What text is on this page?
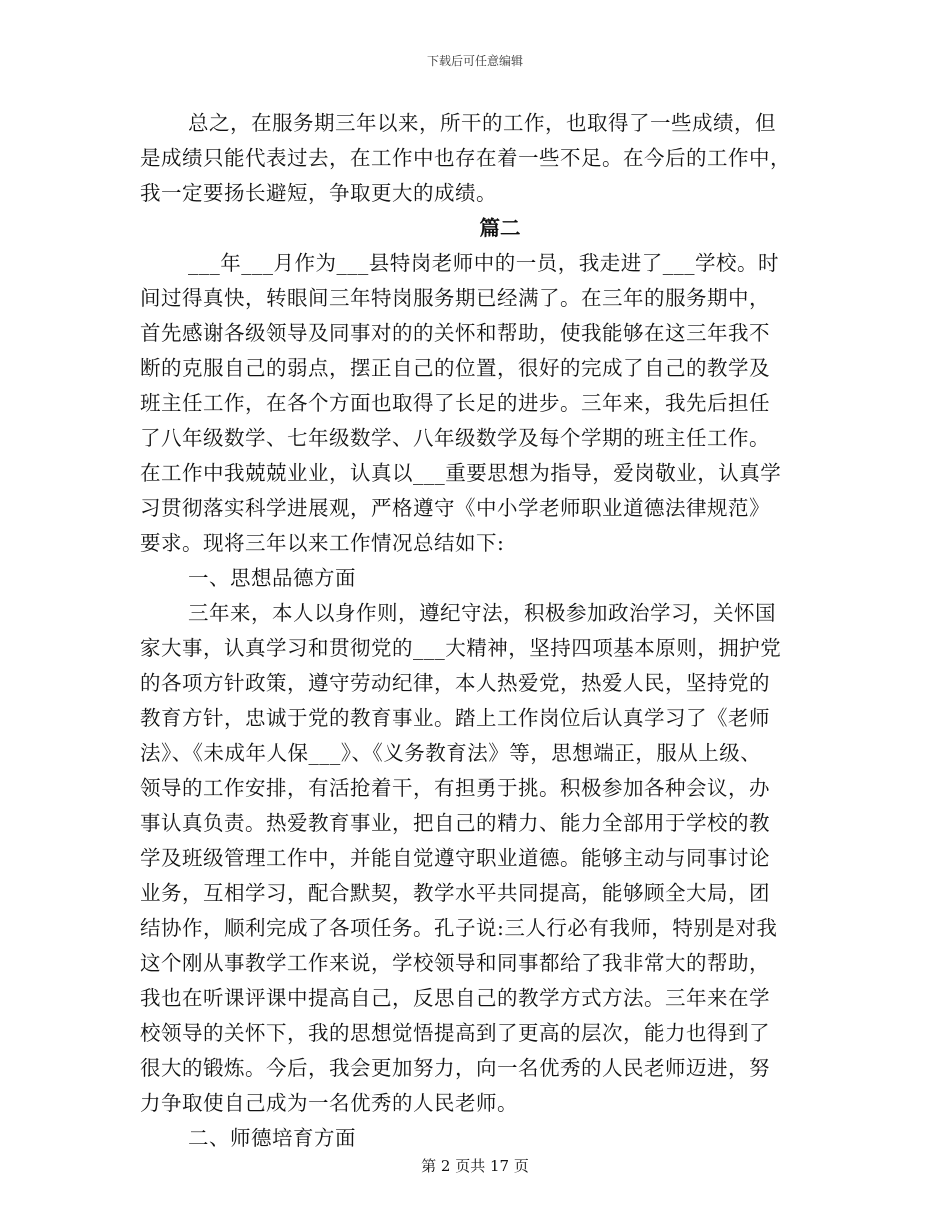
下载后可任意编辑
总之，在服务期三年以来，所干的工作，也取得了一些成绩，但
是成绩只能代表过去，在工作中也存在着一些不足。在今后的工作中，
我一定要扬长避短，争取更大的成绩。
篇二
___年___月作为___县特岗老师中的一员，我走进了___学校。时
间过得真快，转眼间三年特岗服务期已经满了。在三年的服务期中，
首先感谢各级领导及同事对的的关怀和帮助，使我能够在这三年我不
断的克服自己的弱点，摆正自己的位置，很好的完成了自己的教学及
班主任工作，在各个方面也取得了长足的进步。三年来，我先后担任
了八年级数学、七年级数学、八年级数学及每个学期的班主任工作。
在工作中我兢兢业业，认真以___重要思想为指导，爱岗敬业，认真学
习贯彻落实科学进展观，严格遵守《中小学老师职业道德法律规范》
要求。现将三年以来工作情况总结如下:
一、思想品德方面
三年来，本人以身作则，遵纪守法，积极参加政治学习，关怀国
家大事，认真学习和贯彻党的___大精神，坚持四项基本原则，拥护党
的各项方针政策，遵守劳动纪律，本人热爱党，热爱人民，坚持党的
教育方针，忠诚于党的教育事业。踏上工作岗位后认真学习了《老师
法》、《未成年人保___》、《义务教育法》等，思想端正，服从上级、
领导的工作安排，有活抢着干，有担勇于挑。积极参加各种会议，办
事认真负责。热爱教育事业，把自己的精力、能力全部用于学校的教
学及班级管理工作中，并能自觉遵守职业道德。能够主动与同事讨论
业务，互相学习，配合默契，教学水平共同提高，能够顾全大局，团
结协作，顺利完成了各项任务。孔子说:三人行必有我师，特别是对我
这个刚从事教学工作来说，学校领导和同事都给了我非常大的帮助，
我也在听课评课中提高自己，反思自己的教学方式方法。三年来在学
校领导的关怀下，我的思想觉悟提高到了更高的层次，能力也得到了
很大的锻炼。今后，我会更加努力，向一名优秀的人民老师迈进，努
力争取使自己成为一名优秀的人民老师。
二、师德培育方面
第 2 页共 17 页
